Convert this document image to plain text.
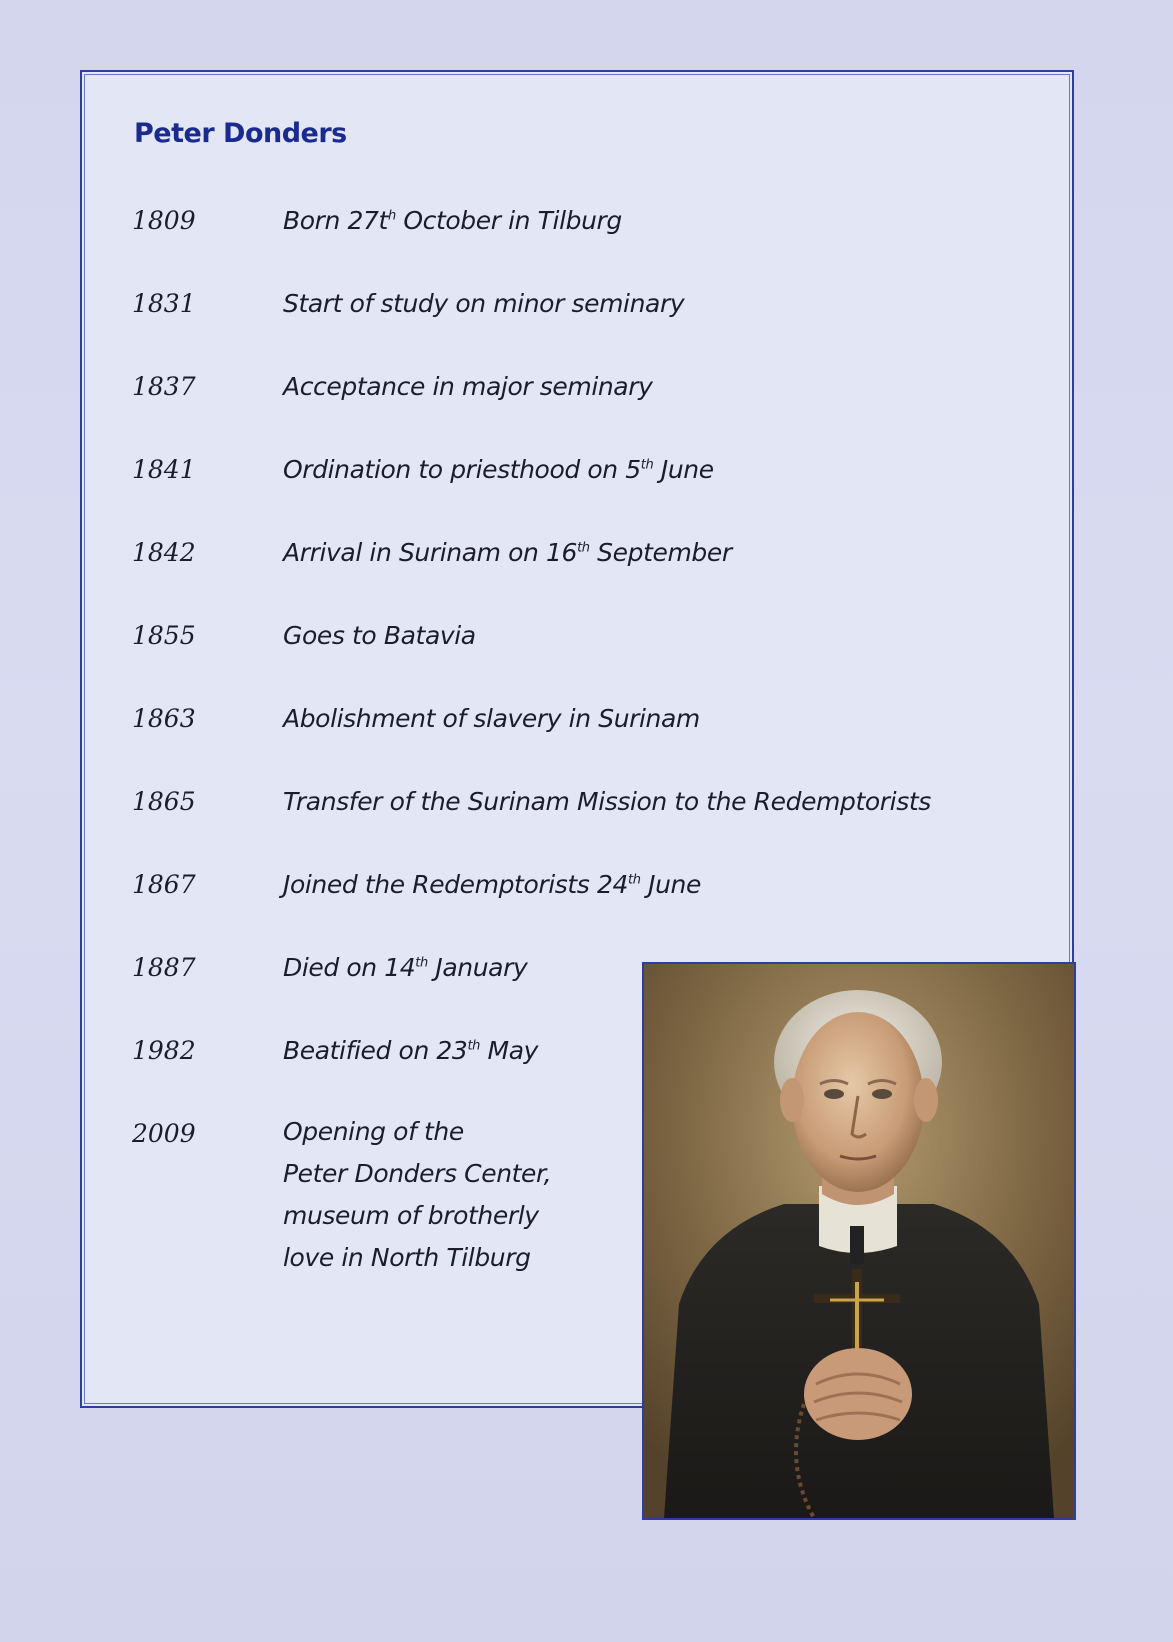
Peter Donders
1809	Born $27t^h$ October in Tilburg
1831	Start of study on minor seminary
1837	Acceptance in major seminary
1841	Ordination to priesthood on 5th June
1842	Arrival in Surinam on 16th September
1855	Goes to Batavia
1863	Abolishment of slavery in Surinam
1865	Transfer of the Surinam Mission to the Redemptorists
1867	Joined the Redemptorists 24th June
1887	Died on 14th January
1982	Beatified on 23th May
2009	Opening of the
Peter Donders Center,
museum of brotherly
love in North Tilburg
